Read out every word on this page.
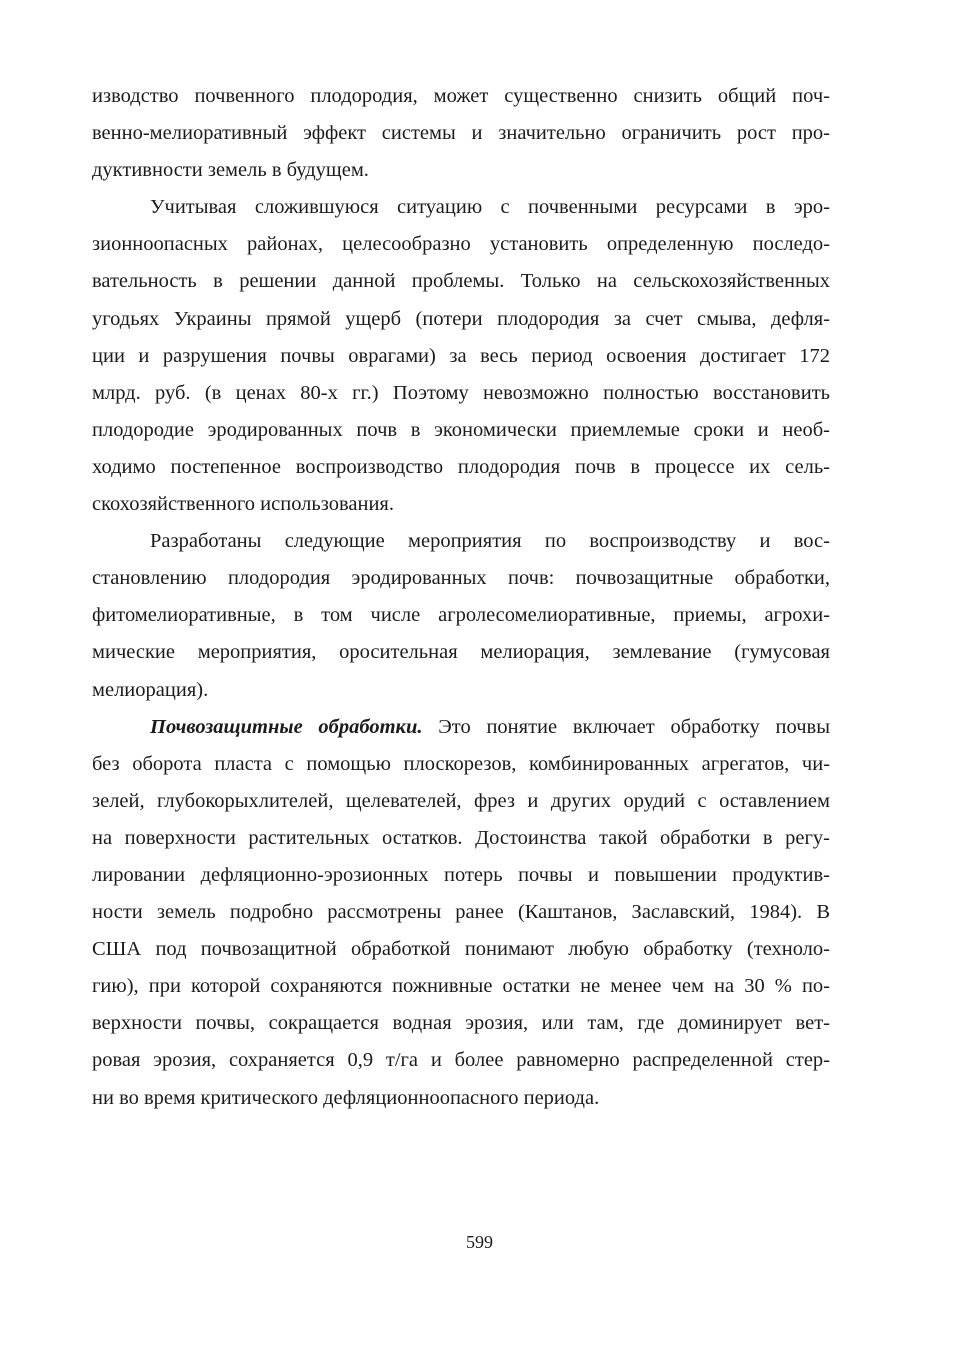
изводство почвенного плодородия, может существенно снизить общий поч-
венно-мелиоративный эффект системы и значительно ограничить рост про-
дуктивности земель в будущем.
Учитывая сложившуюся ситуацию с почвенными ресурсами в эро-
зионноопасных районах, целесообразно установить определенную последо-
вательность в решении данной проблемы. Только на сельскохозяйственных
угодьях Украины прямой ущерб (потери плодородия за счет смыва, дефля-
ции и разрушения почвы оврагами) за весь период освоения достигает 172
млрд. руб. (в ценах 80-х гг.) Поэтому невозможно полностью восстановить
плодородие эродированных почв в экономически приемлемые сроки и необ-
ходимо постепенное воспроизводство плодородия почв в процессе их сель-
скохозяйственного использования.
Разработаны следующие мероприятия по воспроизводству и вос-
становлению плодородия эродированных почв: почвозащитные обработки,
фитомелиоративные, в том числе агролесомелиоративные, приемы, агрохи-
мические мероприятия, оросительная мелиорация, землевание (гумусовая
мелиорация).
Почвозащитные обработки. Это понятие включает обработку почвы
без оборота пласта с помощью плоскорезов, комбинированных агрегатов, чи-
зелей, глубокорыхлителей, щелевателей, фрез и других орудий с оставлением
на поверхности растительных остатков. Достоинства такой обработки в регу-
лировании дефляционно-эрозионных потерь почвы и повышении продуктив-
ности земель подробно рассмотрены ранее (Каштанов, Заславский, 1984). В
США под почвозащитной обработкой понимают любую обработку (техноло-
гию), при которой сохраняются пожнивные остатки не менее чем на 30 % по-
верхности почвы, сокращается водная эрозия, или там, где доминирует вет-
ровая эрозия, сохраняется 0,9 т/га и более равномерно распределенной стер-
ни во время критического дефляционноопасного периода.
599
